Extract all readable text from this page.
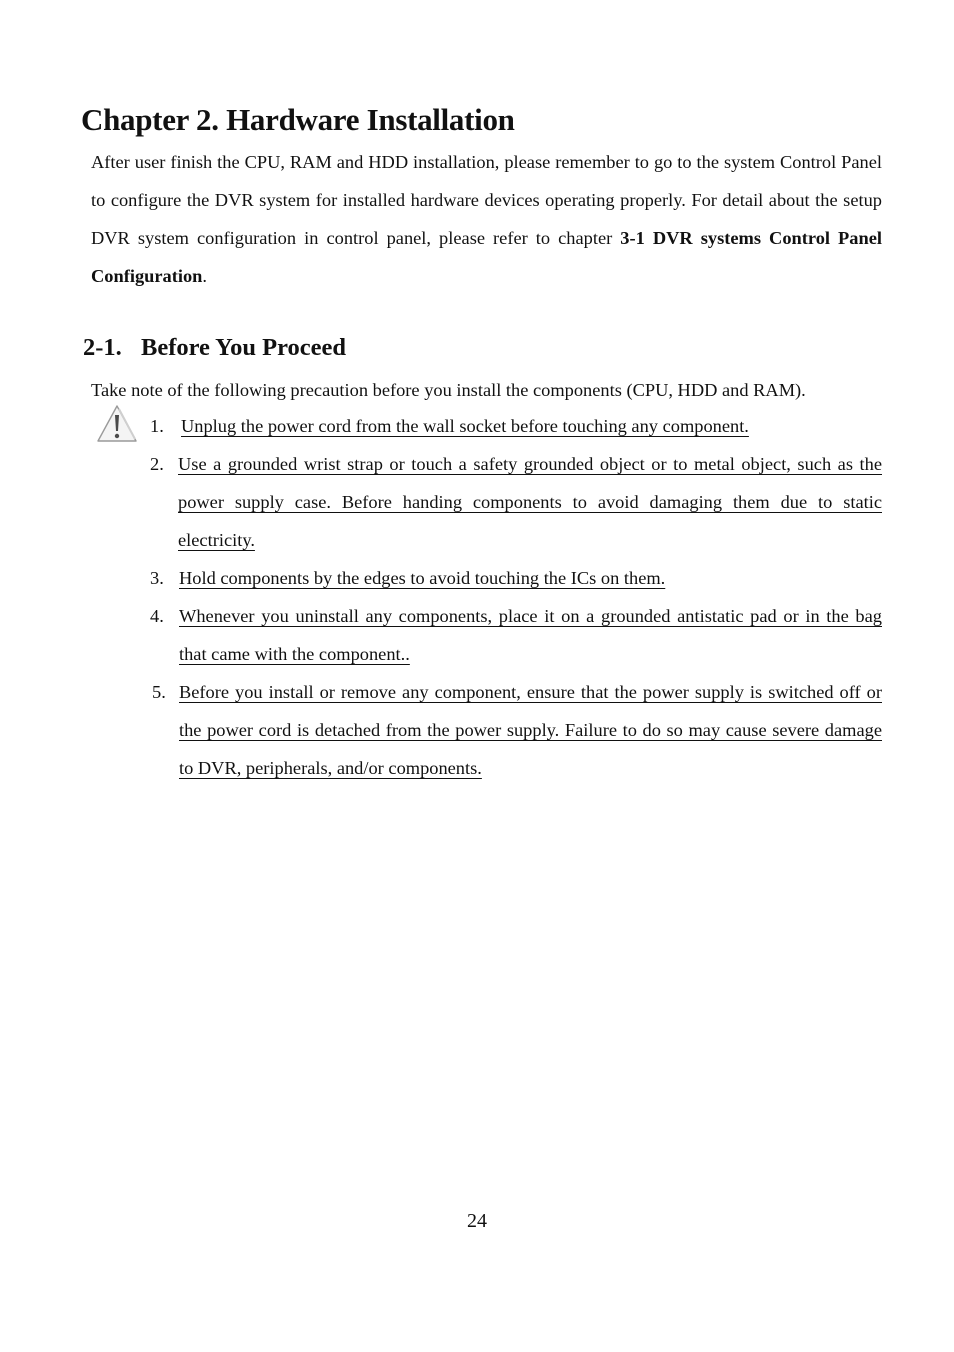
Chapter 2. Hardware Installation

After user finish the CPU, RAM and HDD installation, please remember to go to the system Control Panel to configure the DVR system for installed hardware devices operating properly. For detail about the setup DVR system configuration in control panel, please refer to chapter 3-1 DVR systems Control Panel Configuration.

2-1. Before You Proceed

Take note of the following precaution before you install the components (CPU, HDD and RAM).

1. Unplug the power cord from the wall socket before touching any component.
2. Use a grounded wrist strap or touch a safety grounded object or to metal object, such as the power supply case. Before handing components to avoid damaging them due to static electricity.
3. Hold components by the edges to avoid touching the ICs on them.
4. Whenever you uninstall any components, place it on a grounded antistatic pad or in the bag that came with the component..
5. Before you install or remove any component, ensure that the power supply is switched off or the power cord is detached from the power supply. Failure to do so may cause severe damage to DVR, peripherals, and/or components.

24
